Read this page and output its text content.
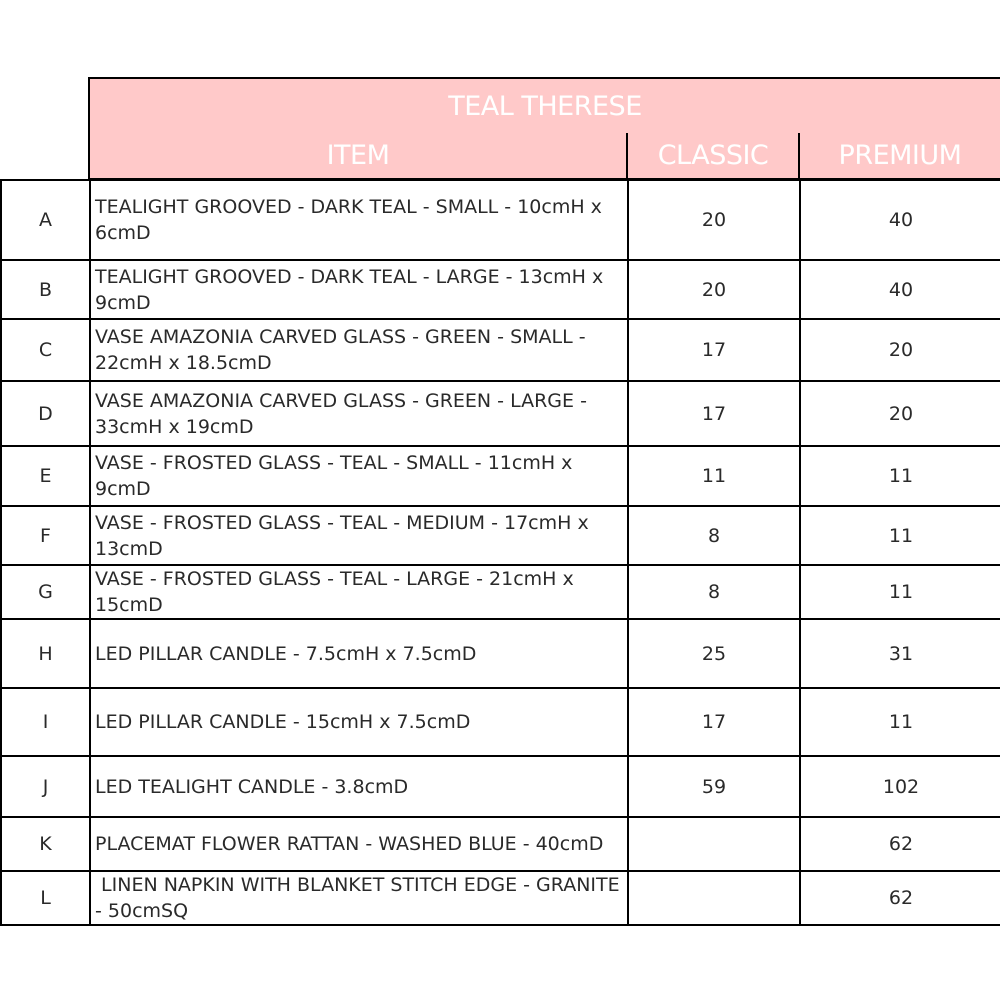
TEAL THERESE
ITEM	CLASSIC	PREMIUM
A	TEALIGHT GROOVED - DARK TEAL - SMALL - 10cmH x 6cmD	20	40
B	TEALIGHT GROOVED - DARK TEAL - LARGE - 13cmH x 9cmD	20	40
C	VASE AMAZONIA CARVED GLASS - GREEN - SMALL - 22cmH x 18.5cmD	17	20
D	VASE AMAZONIA CARVED GLASS - GREEN - LARGE - 33cmH x 19cmD	17	20
E	VASE - FROSTED GLASS - TEAL - SMALL - 11cmH x 9cmD	11	11
F	VASE - FROSTED GLASS - TEAL - MEDIUM - 17cmH x 13cmD	8	11
G	VASE - FROSTED GLASS - TEAL - LARGE - 21cmH x 15cmD	8	11
H	LED PILLAR CANDLE - 7.5cmH x 7.5cmD	25	31
I	LED PILLAR CANDLE - 15cmH x 7.5cmD	17	11
J	LED TEALIGHT CANDLE - 3.8cmD	59	102
K	PLACEMAT FLOWER RATTAN - WASHED BLUE - 40cmD		62
L	LINEN NAPKIN WITH BLANKET STITCH EDGE - GRANITE - 50cmSQ		62
